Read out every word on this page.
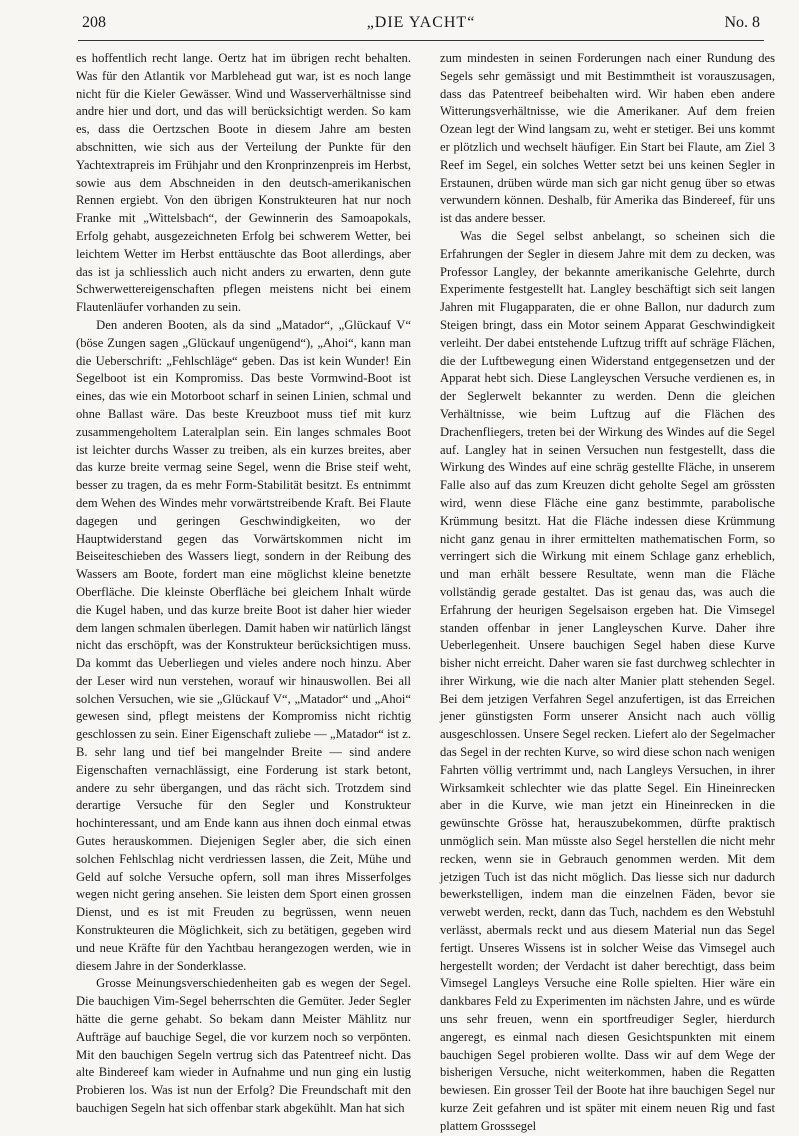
208	„DIE YACHT“	No. 8

es hoffentlich recht lange. Oertz hat im übrigen recht behalten. Was für den Atlantik vor Marblehead gut war, ist es noch lange nicht für die Kieler Gewässer. Wind und Wasserverhältnisse sind andre hier und dort, und das will berücksichtigt werden. So kam es, dass die Oertzschen Boote in diesem Jahre am besten abschnitten, wie sich aus der Verteilung der Punkte für den Yachtextrapreis im Frühjahr und den Kronprinzenpreis im Herbst, sowie aus dem Abschneiden in den deutsch-amerikanischen Rennen ergiebt. Von den übrigen Konstrukteuren hat nur noch Franke mit „Wittelsbach“, der Gewinnerin des Samoapokals, Erfolg gehabt, ausgezeichneten Erfolg bei schwerem Wetter, bei leichtem Wetter im Herbst enttäuschte das Boot allerdings, aber das ist ja schliesslich auch nicht anders zu erwarten, denn gute Schwerwettereigenschaften pflegen meistens nicht bei einem Flautenläufer vorhanden zu sein.

Den anderen Booten, als da sind „Matador“, „Glückauf V“ (böse Zungen sagen „Glückauf ungenügend“), „Ahoi“, kann man die Ueberschrift: „Fehlschläge“ geben. Das ist kein Wunder! Ein Segelboot ist ein Kompromiss. Das beste Vormwind-Boot ist eines, das wie ein Motorboot scharf in seinen Linien, schmal und ohne Ballast wäre. Das beste Kreuzboot muss tief mit kurz zusammengeholtem Lateralplan sein. Ein langes schmales Boot ist leichter durchs Wasser zu treiben, als ein kurzes breites, aber das kurze breite vermag seine Segel, wenn die Brise steif weht, besser zu tragen, da es mehr Form-Stabilität besitzt. Es entnimmt dem Wehen des Windes mehr vorwärtstreibende Kraft. Bei Flaute dagegen und geringen Geschwindigkeiten, wo der Hauptwiderstand gegen das Vorwärtskommen nicht im Beiseiteschieben des Wassers liegt, sondern in der Reibung des Wassers am Boote, fordert man eine möglichst kleine benetzte Oberfläche. Die kleinste Oberfläche bei gleichem Inhalt würde die Kugel haben, und das kurze breite Boot ist daher hier wieder dem langen schmalen überlegen. Damit haben wir natürlich längst nicht das erschöpft, was der Konstrukteur berücksichtigen muss. Da kommt das Ueberliegen und vieles andere noch hinzu. Aber der Leser wird nun verstehen, worauf wir hinauswollen. Bei all solchen Versuchen, wie sie „Glückauf V“, „Matador“ und „Ahoi“ gewesen sind, pflegt meistens der Kompromiss nicht richtig geschlossen zu sein. Einer Eigenschaft zuliebe — „Matador“ ist z. B. sehr lang und tief bei mangelnder Breite — sind andere Eigenschaften vernachlässigt, eine Forderung ist stark betont, andere zu sehr übergangen, und das rächt sich. Trotzdem sind derartige Versuche für den Segler und Konstrukteur hochinteressant, und am Ende kann aus ihnen doch einmal etwas Gutes herauskommen. Diejenigen Segler aber, die sich einen solchen Fehlschlag nicht verdriessen lassen, die Zeit, Mühe und Geld auf solche Versuche opfern, soll man ihres Misserfolges wegen nicht gering ansehen. Sie leisten dem Sport einen grossen Dienst, und es ist mit Freuden zu begrüssen, wenn neuen Konstrukteuren die Möglichkeit, sich zu betätigen, gegeben wird und neue Kräfte für den Yachtbau herangezogen werden, wie in diesem Jahre in der Sonderklasse.

Grosse Meinungsverschiedenheiten gab es wegen der Segel. Die bauchigen Vim-Segel beherrschten die Gemüter. Jeder Segler hätte die gerne gehabt. So bekam dann Meister Mählitz nur Aufträge auf bauchige Segel, die vor kurzem noch so verpönten. Mit den bauchigen Segeln vertrug sich das Patentreef nicht. Das alte Bindereef kam wieder in Aufnahme und nun ging ein lustig Probieren los. Was ist nun der Erfolg? Die Freundschaft mit den bauchigen Segeln hat sich offenbar stark abgekühlt. Man hat sich

zum mindesten in seinen Forderungen nach einer Rundung des Segels sehr gemässigt und mit Bestimmtheit ist vorauszusagen, dass das Patentreef beibehalten wird. Wir haben eben andere Witterungsverhältnisse, wie die Amerikaner. Auf dem freien Ozean legt der Wind langsam zu, weht er stetiger. Bei uns kommt er plötzlich und wechselt häufiger. Ein Start bei Flaute, am Ziel 3 Reef im Segel, ein solches Wetter setzt bei uns keinen Segler in Erstaunen, drüben würde man sich gar nicht genug über so etwas verwundern können. Deshalb, für Amerika das Bindereef, für uns ist das andere besser.

Was die Segel selbst anbelangt, so scheinen sich die Erfahrungen der Segler in diesem Jahre mit dem zu decken, was Professor Langley, der bekannte amerikanische Gelehrte, durch Experimente festgestellt hat. Langley beschäftigt sich seit langen Jahren mit Flugapparaten, die er ohne Ballon, nur dadurch zum Steigen bringt, dass ein Motor seinem Apparat Geschwindigkeit verleiht. Der dabei entstehende Luftzug trifft auf schräge Flächen, die der Luftbewegung einen Widerstand entgegensetzen und der Apparat hebt sich. Diese Langleyschen Versuche verdienen es, in der Seglerwelt bekannter zu werden. Denn die gleichen Verhältnisse, wie beim Luftzug auf die Flächen des Drachenfliegers, treten bei der Wirkung des Windes auf die Segel auf. Langley hat in seinen Versuchen nun festgestellt, dass die Wirkung des Windes auf eine schräg gestellte Fläche, in unserem Falle also auf das zum Kreuzen dicht geholte Segel am grössten wird, wenn diese Fläche eine ganz bestimmte, parabolische Krümmung besitzt. Hat die Fläche indessen diese Krümmung nicht ganz genau in ihrer ermittelten mathematischen Form, so verringert sich die Wirkung mit einem Schlage ganz erheblich, und man erhält bessere Resultate, wenn man die Fläche vollständig gerade gestaltet. Das ist genau das, was auch die Erfahrung der heurigen Segelsaison ergeben hat. Die Vimsegel standen offenbar in jener Langleyschen Kurve. Daher ihre Ueberlegenheit. Unsere bauchigen Segel haben diese Kurve bisher nicht erreicht. Daher waren sie fast durchweg schlechter in ihrer Wirkung, wie die nach alter Manier platt stehenden Segel. Bei dem jetzigen Verfahren Segel anzufertigen, ist das Erreichen jener günstigsten Form unserer Ansicht nach auch völlig ausgeschlossen. Unsere Segel recken. Liefert alo der Segelmacher das Segel in der rechten Kurve, so wird diese schon nach wenigen Fahrten völlig vertrimmt und, nach Langleys Versuchen, in ihrer Wirksamkeit schlechter wie das platte Segel. Ein Hineinrecken aber in die Kurve, wie man jetzt ein Hineinrecken in die gewünschte Grösse hat, herauszubekommen, dürfte praktisch unmöglich sein. Man müsste also Segel herstellen die nicht mehr recken, wenn sie in Gebrauch genommen werden. Mit dem jetzigen Tuch ist das nicht möglich. Das liesse sich nur dadurch bewerkstelligen, indem man die einzelnen Fäden, bevor sie verwebt werden, reckt, dann das Tuch, nachdem es den Webstuhl verlässt, abermals reckt und aus diesem Material nun das Segel fertigt. Unseres Wissens ist in solcher Weise das Vimsegel auch hergestellt worden; der Verdacht ist daher berechtigt, dass beim Vimsegel Langleys Versuche eine Rolle spielten. Hier wäre ein dankbares Feld zu Experimenten im nächsten Jahre, und es würde uns sehr freuen, wenn ein sportfreudiger Segler, hierdurch angeregt, es einmal nach diesen Gesichtspunkten mit einem bauchigen Segel probieren wollte. Dass wir auf dem Wege der bisherigen Versuche, nicht weiterkommen, haben die Regatten bewiesen. Ein grosser Teil der Boote hat ihre bauchigen Segel nur kurze Zeit gefahren und ist später mit einem neuen Rig und fast plattem Grosssegel
